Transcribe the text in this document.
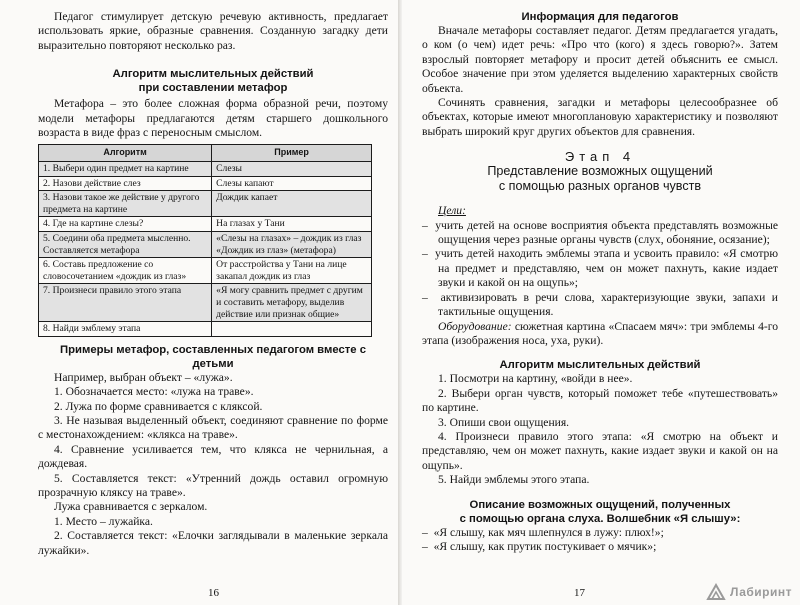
Педагог стимулирует детскую речевую активность, предлагает использовать яркие, образные сравнения. Созданную загадку дети выразительно повторяют несколько раз.

Алгоритм мыслительных действий

при составлении метафор

Метафора – это более сложная форма образной речи, поэтому модели метафоры предлагаются детям старшего дошкольного возраста в виде фраз с переносным смыслом.

Алгоритм	Пример
1. Выбери один предмет на картине	Слезы
2. Назови действие слез	Слезы капают
3. Назови такое же действие у другого предмета на картине	Дождик капает
4. Где на картине слезы?	На глазах у Тани
5. Соедини оба предмета мысленно. Составляется метафора	«Слезы на глазах» – дождик из глаз «Дождик из глаз» (метафора)
6. Составь предложение со словосочетанием «дождик из глаз»	От расстройства у Тани на лице закапал дождик из глаз
7. Произнеси правило этого этапа	«Я могу сравнить предмет с другим и составить метафору, выделив действие или признак общие»
8. Найди эмблему этапа	

Примеры метафор, составленных педагогом вместе с детьми

Например, выбран объект – «лужа».

1. Обозначается место: «лужа на траве».

2. Лужа по форме сравнивается с кляксой.

3. Не называя выделенный объект, соединяют сравнение по форме с местонахождением: «клякса на траве».

4. Сравнение усиливается тем, что клякса не чернильная, а дождевая.

5. Составляется текст: «Утренний дождь оставил огромную прозрачную кляксу на траве».

Лужа сравнивается с зеркалом.

1. Место – лужайка.

2. Составляется текст: «Елочки заглядывали в маленькие зеркала лужайки».

16

Информация для педагогов

Вначале метафоры составляет педагог. Детям предлагается угадать, о ком (о чем) идет речь: «Про что (кого) я здесь говорю?». Затем взрослый повторяет метафору и просит детей объяснить ее смысл. Особое значение при этом уделяется выделению характерных свойств объекта.

Сочинять сравнения, загадки и метафоры целесообразнее об объектах, которые имеют многоплановую характеристику и позволяют выбрать широкий круг других объектов для сравнения.

Этап 4

Представление возможных ощущений

с помощью разных органов чувств

Цели:

–  учить детей на основе восприятия объекта представлять возможные ощущения через разные органы чувств (слух, обоняние, осязание);

–  учить детей находить эмблемы этапа и усвоить правило: «Я смотрю на предмет и представляю, чем он может пахнуть, какие издает звуки и какой он на ощупь»;

–  активизировать в речи слова, характеризующие звуки, запахи и тактильные ощущения.

Оборудование: сюжетная картина «Спасаем мяч»: три эмблемы 4-го этапа (изображения носа, уха, руки).

Алгоритм мыслительных действий

1. Посмотри на картину, «войди в нее».

2. Выбери орган чувств, который поможет тебе «путешествовать» по картине.

3. Опиши свои ощущения.

4. Произнеси правило этого этапа: «Я смотрю на объект и представляю, чем он может пахнуть, какие издает звуки и какой он на ощупь».

5. Найди эмблемы этого этапа.

Описание возможных ощущений, полученных

с помощью органа слуха. Волшебник «Я слышу»:

–  «Я слышу, как мяч шлепнулся в лужу: плюх!»;

–  «Я слышу, как прутик постукивает о мячик»;

17	Лабиринт
